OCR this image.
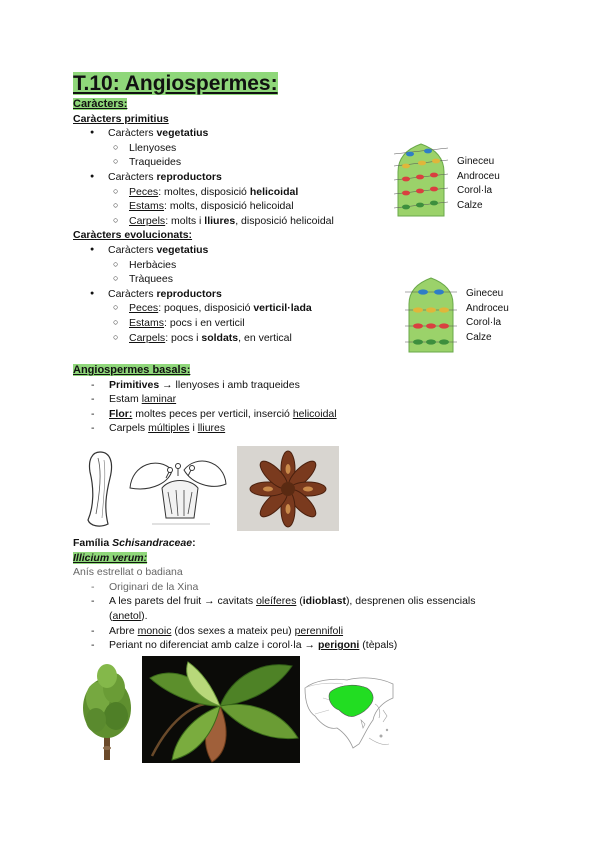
T.10: Angiospermes:
Caràcters:
Caràcters primitius
● Caràcters vegetatius
○ Llenyoses
○ Traqueides
● Caràcters reproductors
○ Peces: moltes, disposició helicoidal
○ Estams: molts, disposició helicoidal
○ Carpels: molts i lliures, disposició helicoidal
Caràcters evolucionats:
● Caràcters vegetatius
○ Herbàcies
○ Tràquees
● Caràcters reproductors
○ Peces: poques, disposició verticil·lada
○ Estams: pocs i en verticil
○ Carpels: pocs i soldats, en vertical
Gineceu
Androceu
Corol·la
Calze
Gineceu
Androceu
Corol·la
Calze
Angiospermes basals:
- Primitives → llenyoses i amb traqueides
- Estam laminar
- Flor: moltes peces per verticil, inserció helicoidal
- Carpels múltiples i lliures
Família Schisandraceae:
Illicium verum:
Anís estrellat o badiana
- Originari de la Xina
- A les parets del fruit → cavitats oleíferes (idioblast), desprenen olis essencials
(anetol).
- Arbre monoic (dos sexes a mateix peu) perennifoli
- Periant no diferenciat amb calze i corol·la → perigoni (tèpals)
